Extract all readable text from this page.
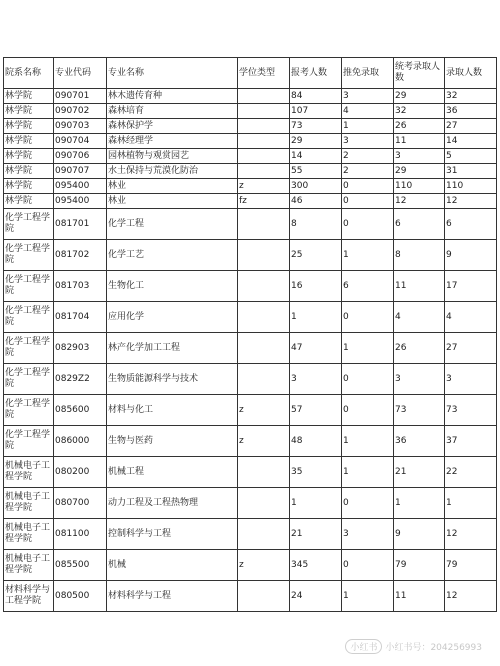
院系名称	专业代码	专业名称	学位类型	报考人数	推免录取	统考录取人数	录取人数
林学院	090701	林木遗传育种		84	3	29	32
林学院	090702	森林培育		107	4	32	36
林学院	090703	森林保护学		73	1	26	27
林学院	090704	森林经理学		29	3	11	14
林学院	090706	园林植物与观赏园艺		14	2	3	5
林学院	090707	水土保持与荒漠化防治		55	2	29	31
林学院	095400	林业	z	300	0	110	110
林学院	095400	林业	fz	46	0	12	12
化学工程学院	081701	化学工程		8	0	6	6
化学工程学院	081702	化学工艺		25	1	8	9
化学工程学院	081703	生物化工		16	6	11	17
化学工程学院	081704	应用化学		1	0	4	4
化学工程学院	082903	林产化学加工工程		47	1	26	27
化学工程学院	0829Z2	生物质能源科学与技术		3	0	3	3
化学工程学院	085600	材料与化工	z	57	0	73	73
化学工程学院	086000	生物与医药	z	48	1	36	37
机械电子工程学院	080200	机械工程		35	1	21	22
机械电子工程学院	080700	动力工程及工程热物理		1	0	1	1
机械电子工程学院	081100	控制科学与工程		21	3	9	12
机械电子工程学院	085500	机械	z	345	0	79	79
材料科学与工程学院	080500	材料科学与工程		24	1	11	12
小红书 小红书号：204256993
